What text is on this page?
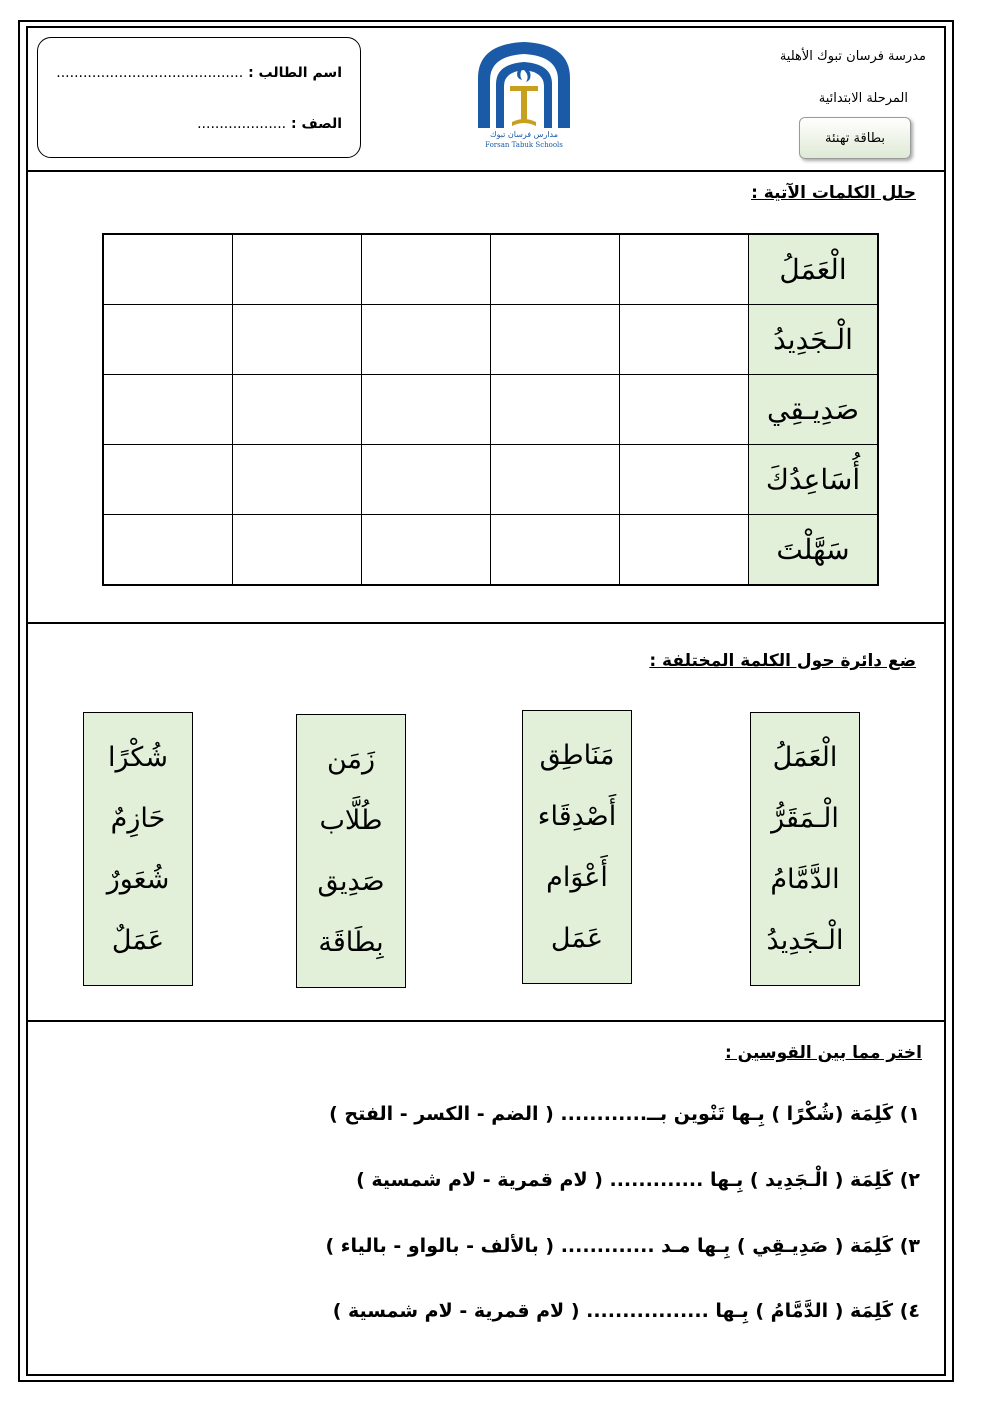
اسم الطالب : ..........................................
الصف : ....................
مدارس فرسان تبوك
Forsan Tabuk Schools
مدرسة فرسان تبوك الأهلية
المرحلة الابتدائية
بطاقة تهنئة
حلل الكلمات الآتية :
					الْعَمَلُ
					الْـجَدِيدُ
					صَدِيـقِي
					أُسَاعِدُكَ
					سَهَّلْتَ
ضع دائرة حول الكلمة المختلفة :
الْعَمَلُ
الْـمَقَرُّ
الدَّمَّامُ
الْـجَدِيدُ
مَنَاطِق
أَصْدِقَاء
أَعْوَام
عَمَل
زَمَن
طُلَّاب
صَدِيق
بِطَاقَة
شُكْرًا
حَازِمٌ
شُعَورٌ
عَمَلٌ
اختر مما بين القوسين :
١) كَلِمَة (شُكْرًا ) بِـها تَنْوين بــ............ ( الضم - الكسر - الفتح )
٢) كَلِمَة ( الْـجَدِيد ) بِـها ............. ( لام قمرية - لام شمسية )
٣) كَلِمَة ( صَدِيـقِي ) بِـها مـد ............. ( بالألف - بالواو - بالياء )
٤) كَلِمَة ( الدَّمَّامُ ) بِـها ................. ( لام قمرية - لام شمسية )
